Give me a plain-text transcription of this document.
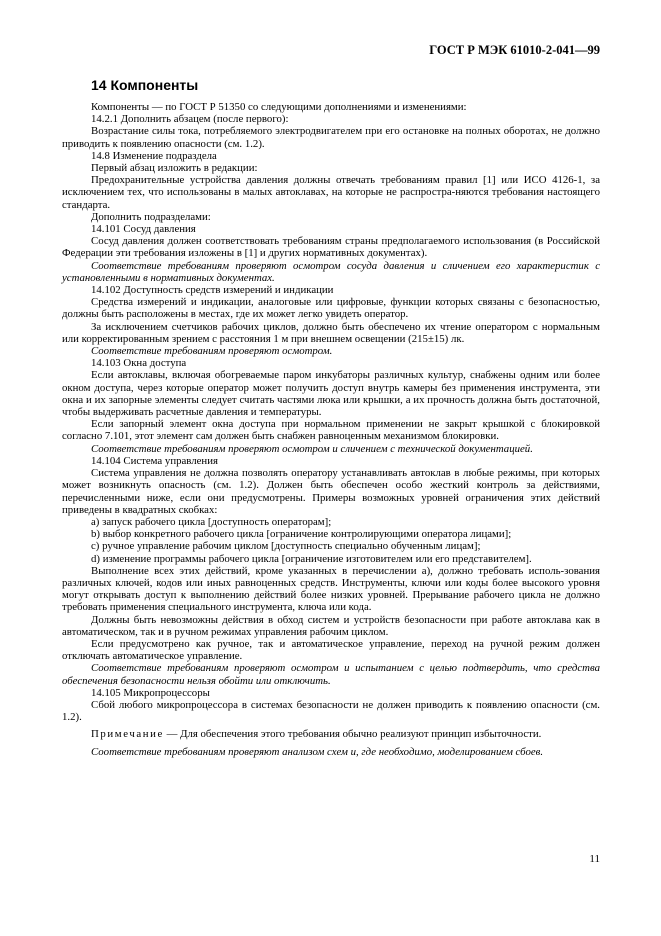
ГОСТ Р МЭК 61010-2-041—99
14 Компоненты

Компоненты — по ГОСТ Р 51350 со следующими дополнениями и изменениями:

14.2.1 Дополнить абзацем (после первого):

Возрастание силы тока, потребляемого электродвигателем при его остановке на полных оборотах, не должно приводить к появлению опасности (см. 1.2).

14.8 Изменение подраздела

Первый абзац изложить в редакции:

Предохранительные устройства давления должны отвечать требованиям правил [1] или ИСО 4126-1, за исключением тех, что использованы в малых автоклавах, на которые не распростра-няются требования настоящего стандарта.

Дополнить подразделами:

14.101 Сосуд давления

Сосуд давления должен соответствовать требованиям страны предполагаемого использования (в Российской Федерации эти требования изложены в [1] и других нормативных документах).

Соответствие требованиям проверяют осмотром сосуда давления и сличением его характеристик с установленными в нормативных документах.

14.102 Доступность средств измерений и индикации

Средства измерений и индикации, аналоговые или цифровые, функции которых связаны с безопасностью, должны быть расположены в местах, где их может легко увидеть оператор.

За исключением счетчиков рабочих циклов, должно быть обеспечено их чтение оператором с нормальным или корректированным зрением с расстояния 1 м при внешнем освещении (215±15) лк.

Соответствие требованиям проверяют осмотром.

14.103 Окна доступа

Если автоклавы, включая обогреваемые паром инкубаторы различных культур, снабжены одним или более окном доступа, через которые оператор может получить доступ внутрь камеры без применения инструмента, эти окна и их запорные элементы следует считать частями люка или крышки, а их прочность должна быть достаточной, чтобы выдерживать расчетные давления и температуры.

Если запорный элемент окна доступа при нормальном применении не закрыт крышкой с блокировкой согласно 7.101, этот элемент сам должен быть снабжен равноценным механизмом блокировки.

Соответствие требованиям проверяют осмотром и сличением с технической документацией.

14.104 Система управления

Система управления не должна позволять оператору устанавливать автоклав в любые режимы, при которых может возникнуть опасность (см. 1.2). Должен быть обеспечен особо жесткий контроль за действиями, перечисленными ниже, если они предусмотрены. Примеры возможных уровней ограничения этих действий приведены в квадратных скобках:

a) запуск рабочего цикла [доступность операторам];

b) выбор конкретного рабочего цикла [ограничение контролирующими оператора лицами];

c) ручное управление рабочим циклом [доступность специально обученным лицам];

d) изменение программы рабочего цикла [ограничение изготовителем или его представителем].

Выполнение всех этих действий, кроме указанных в перечислении а), должно требовать исполь-зования различных ключей, кодов или иных равноценных средств. Инструменты, ключи или коды более высокого уровня могут открывать доступ к выполнению действий более низких уровней. Прерывание рабочего цикла не должно требовать применения специального инструмента, ключа или кода.

Должны быть невозможны действия в обход систем и устройств безопасности при работе автоклава как в автоматическом, так и в ручном режимах управления рабочим циклом.

Если предусмотрено как ручное, так и автоматическое управление, переход на ручной режим должен отключать автоматическое управление.

Соответствие требованиям проверяют осмотром и испытанием с целью подтвердить, что средства обеспечения безопасности нельзя обойти или отключить.

14.105 Микропроцессоры

Сбой любого микропроцессора в системах безопасности не должен приводить к появлению опасности (см. 1.2).

Примечание — Для обеспечения этого требования обычно реализуют принцип избыточности.

Соответствие требованиям проверяют анализом схем и, где необходимо, моделированием сбоев.

11
